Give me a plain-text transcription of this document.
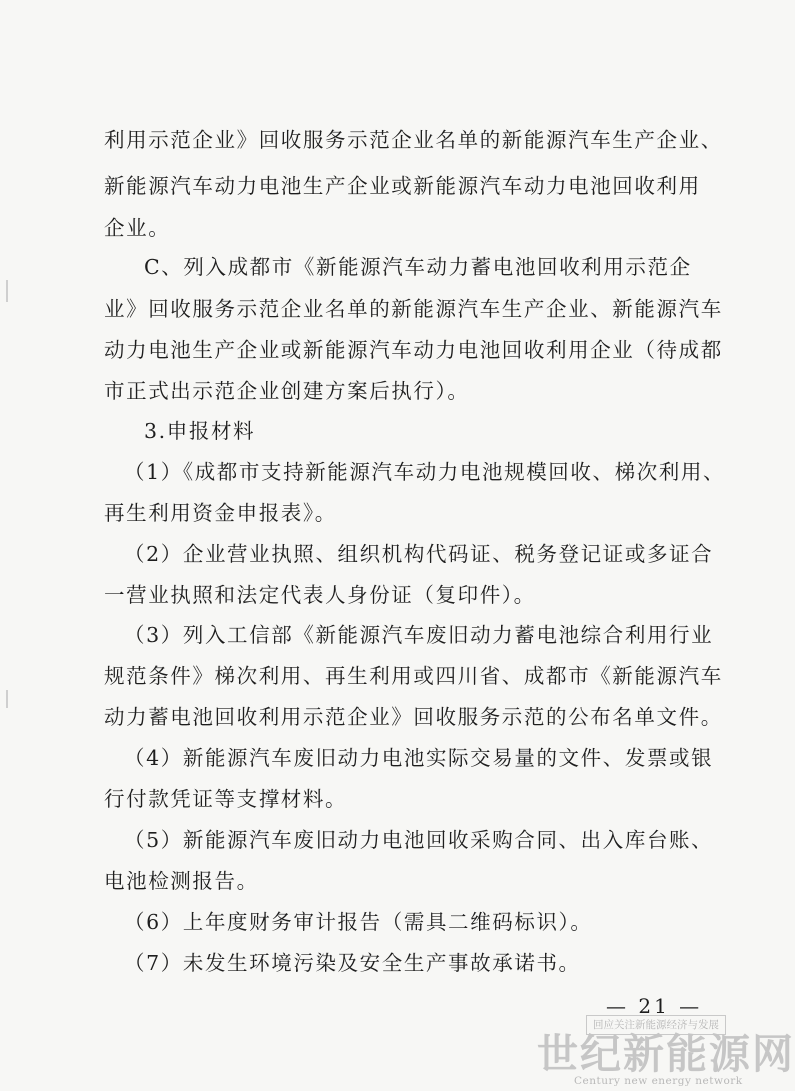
利用示范企业》回收服务示范企业名单的新能源汽车生产企业、

新能源汽车动力电池生产企业或新能源汽车动力电池回收利用

企业。

C、列入成都市《新能源汽车动力蓄电池回收利用示范企

业》回收服务示范企业名单的新能源汽车生产企业、新能源汽车

动力电池生产企业或新能源汽车动力电池回收利用企业（待成都

市正式出示范企业创建方案后执行）。

3.申报材料

（1）《成都市支持新能源汽车动力电池规模回收、梯次利用、

再生利用资金申报表》。

（2）企业营业执照、组织机构代码证、税务登记证或多证合

一营业执照和法定代表人身份证（复印件）。

（3）列入工信部《新能源汽车废旧动力蓄电池综合利用行业

规范条件》梯次利用、再生利用或四川省、成都市《新能源汽车

动力蓄电池回收利用示范企业》回收服务示范的公布名单文件。

（4）新能源汽车废旧动力电池实际交易量的文件、发票或银

行付款凭证等支撑材料。

（5）新能源汽车废旧动力电池回收采购合同、出入库台账、

电池检测报告。

（6）上年度财务审计报告（需具二维码标识）。

（7）未发生环境污染及安全生产事故承诺书。

— 21 —

回应关注新能源经济与发展
世纪新能源网
Century new energy network
